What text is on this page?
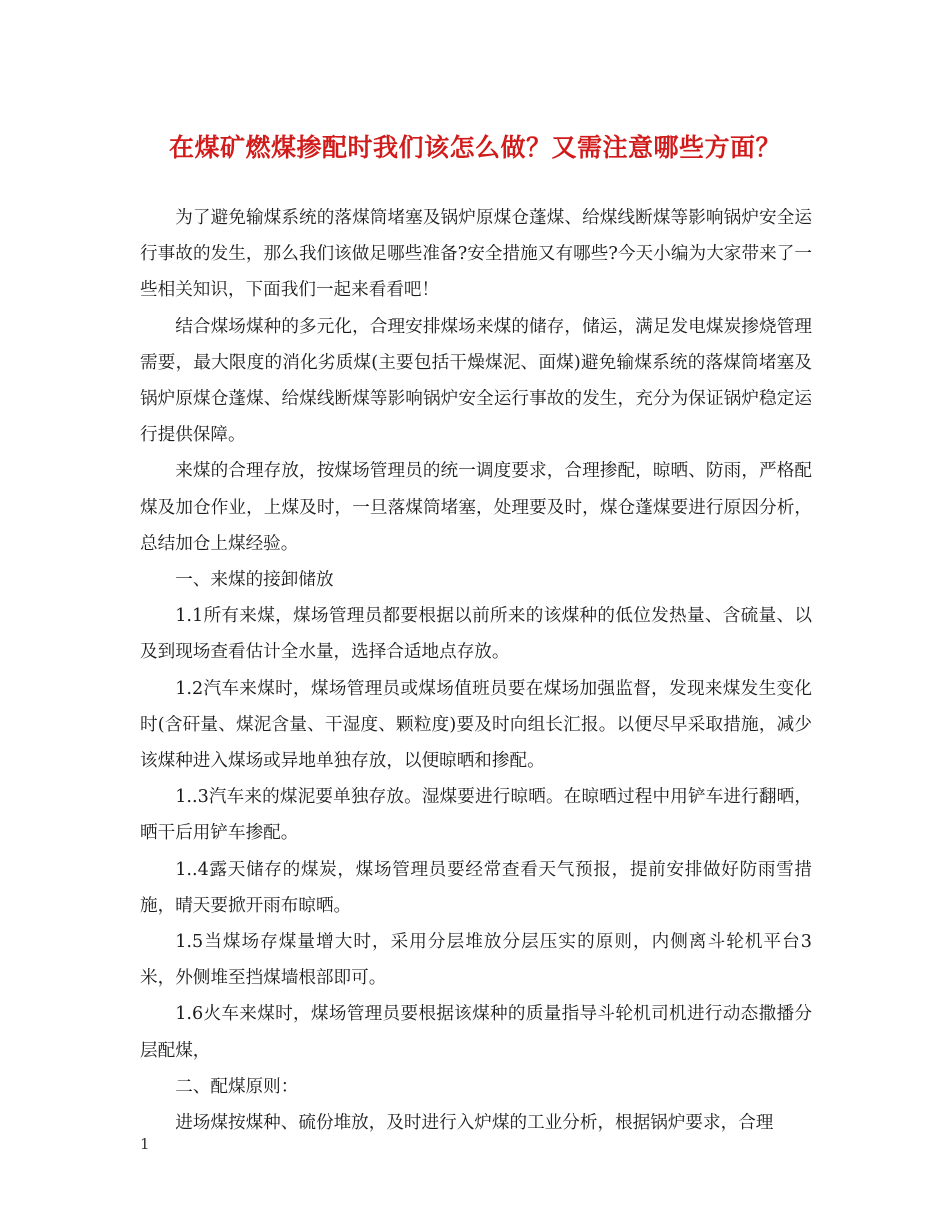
在煤矿燃煤掺配时我们该怎么做？又需注意哪些方面？

为了避免输煤系统的落煤筒堵塞及锅炉原煤仓蓬煤、给煤线断煤等影响锅炉安全运行事故的发生，那么我们该做足哪些准备?安全措施又有哪些?今天小编为大家带来了一些相关知识，下面我们一起来看看吧！

结合煤场煤种的多元化，合理安排煤场来煤的储存，储运，满足发电煤炭掺烧管理需要，最大限度的消化劣质煤(主要包括干燥煤泥、面煤)避免输煤系统的落煤筒堵塞及锅炉原煤仓蓬煤、给煤线断煤等影响锅炉安全运行事故的发生，充分为保证锅炉稳定运行提供保障。

来煤的合理存放，按煤场管理员的统一调度要求，合理掺配，晾晒、防雨，严格配煤及加仓作业，上煤及时，一旦落煤筒堵塞，处理要及时，煤仓蓬煤要进行原因分析，总结加仓上煤经验。

一、来煤的接卸储放

1.1所有来煤，煤场管理员都要根据以前所来的该煤种的低位发热量、含硫量、以及到现场查看估计全水量，选择合适地点存放。

1.2汽车来煤时，煤场管理员或煤场值班员要在煤场加强监督，发现来煤发生变化时(含矸量、煤泥含量、干湿度、颗粒度)要及时向组长汇报。以便尽早采取措施，减少该煤种进入煤场或异地单独存放，以便晾晒和掺配。

1..3汽车来的煤泥要单独存放。湿煤要进行晾晒。在晾晒过程中用铲车进行翻晒，晒干后用铲车掺配。

1..4露天储存的煤炭，煤场管理员要经常查看天气预报，提前安排做好防雨雪措施，晴天要掀开雨布晾晒。

1.5当煤场存煤量增大时，采用分层堆放分层压实的原则，内侧离斗轮机平台3米，外侧堆至挡煤墙根部即可。

1.6火车来煤时，煤场管理员要根据该煤种的质量指导斗轮机司机进行动态撒播分层配煤，

二、配煤原则：

进场煤按煤种、硫份堆放，及时进行入炉煤的工业分析，根据锅炉要求，合理

1
